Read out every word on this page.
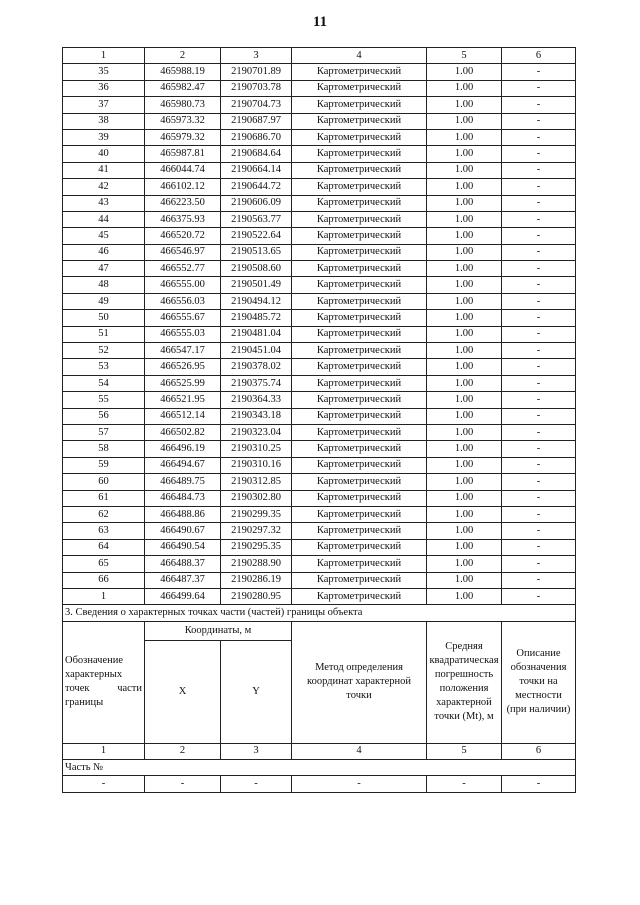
11
1	2	3	4	5	6
35	465988.19	2190701.89	Картометрический	1.00	-
36	465982.47	2190703.78	Картометрический	1.00	-
37	465980.73	2190704.73	Картометрический	1.00	-
38	465973.32	2190687.97	Картометрический	1.00	-
39	465979.32	2190686.70	Картометрический	1.00	-
40	465987.81	2190684.64	Картометрический	1.00	-
41	466044.74	2190664.14	Картометрический	1.00	-
42	466102.12	2190644.72	Картометрический	1.00	-
43	466223.50	2190606.09	Картометрический	1.00	-
44	466375.93	2190563.77	Картометрический	1.00	-
45	466520.72	2190522.64	Картометрический	1.00	-
46	466546.97	2190513.65	Картометрический	1.00	-
47	466552.77	2190508.60	Картометрический	1.00	-
48	466555.00	2190501.49	Картометрический	1.00	-
49	466556.03	2190494.12	Картометрический	1.00	-
50	466555.67	2190485.72	Картометрический	1.00	-
51	466555.03	2190481.04	Картометрический	1.00	-
52	466547.17	2190451.04	Картометрический	1.00	-
53	466526.95	2190378.02	Картометрический	1.00	-
54	466525.99	2190375.74	Картометрический	1.00	-
55	466521.95	2190364.33	Картометрический	1.00	-
56	466512.14	2190343.18	Картометрический	1.00	-
57	466502.82	2190323.04	Картометрический	1.00	-
58	466496.19	2190310.25	Картометрический	1.00	-
59	466494.67	2190310.16	Картометрический	1.00	-
60	466489.75	2190312.85	Картометрический	1.00	-
61	466484.73	2190302.80	Картометрический	1.00	-
62	466488.86	2190299.35	Картометрический	1.00	-
63	466490.67	2190297.32	Картометрический	1.00	-
64	466490.54	2190295.35	Картометрический	1.00	-
65	466488.37	2190288.90	Картометрический	1.00	-
66	466487.37	2190286.19	Картометрический	1.00	-
1	466499.64	2190280.95	Картометрический	1.00	-
3. Сведения о характерных точках части (частей) границы объекта					

Обозначение характерных точек части границы	Координаты, м		Метод определения координат характерной точки	Средняя квадратическая погрешность положения характерной точки (Mt), м	Описание обозначения точки на местности (при наличии)
	X	Y			
1	2	3	4	5	6
Часть №					
-	-	-	-	-	-
